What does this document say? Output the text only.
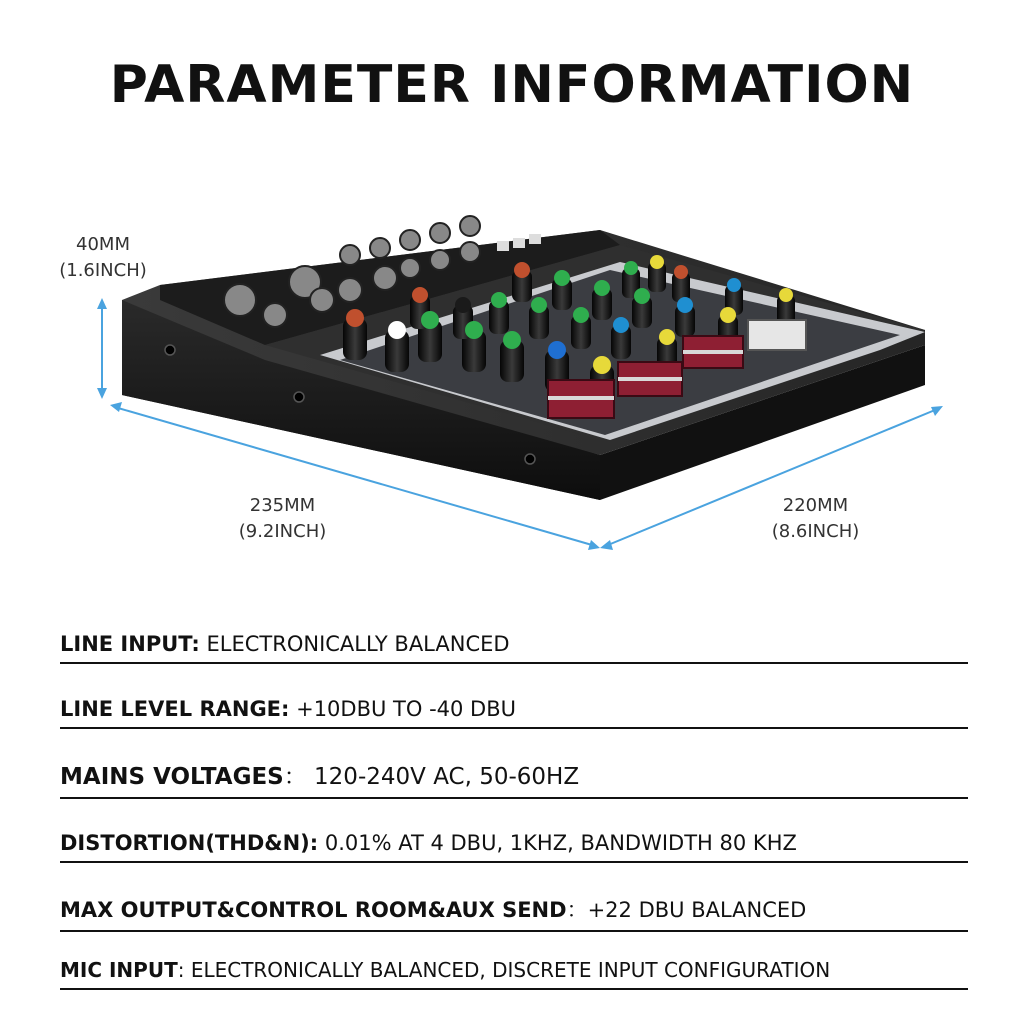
PARAMETER INFORMATION
40MM
(1.6INCH)
235MM
(9.2INCH)
220MM
(8.6INCH)
LINE INPUT: ELECTRONICALLY BALANCED
LINE LEVEL RANGE: +10DBU TO -40 DBU
MAINS VOLTAGES： 120-240V AC, 50-60HZ
DISTORTION(THD&N): 0.01% AT 4 DBU, 1KHZ, BANDWIDTH 80 KHZ
MAX OUTPUT&CONTROL ROOM&AUX SEND：+22 DBU BALANCED
MIC INPUT: ELECTRONICALLY BALANCED, DISCRETE INPUT CONFIGURATION
